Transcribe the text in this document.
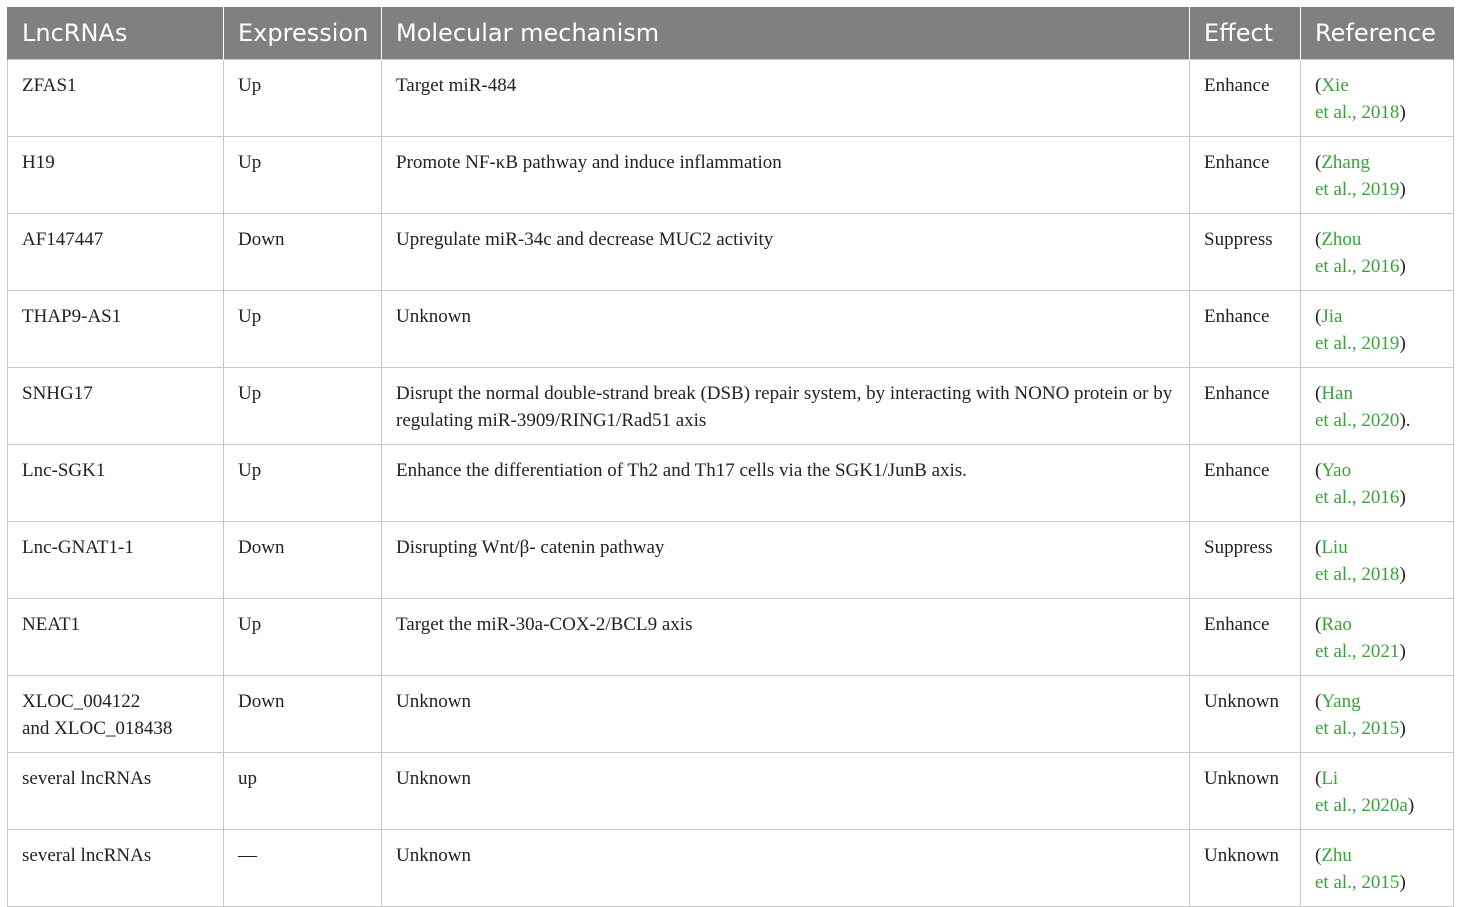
LncRNAs	Expression	Molecular mechanism	Effect	Reference

ZFAS1	Up	Target miR-484	Enhance	(Xie
et al., 2018)

H19	Up	Promote NF-κB pathway and induce inflammation	Enhance	(Zhang
et al., 2019)

AF147447	Down	Upregulate miR-34c and decrease MUC2 activity	Suppress	(Zhou
et al., 2016)

THAP9-AS1	Up	Unknown	Enhance	(Jia
et al., 2019)

SNHG17	Up	Disrupt the normal double-strand break (DSB) repair system, by interacting with NONO protein or by regulating miR-3909/RING1/Rad51 axis	Enhance	(Han
et al., 2020).

Lnc-SGK1	Up	Enhance the differentiation of Th2 and Th17 cells via the SGK1/JunB axis.	Enhance	(Yao
et al., 2016)

Lnc-GNAT1-1	Down	Disrupting Wnt/β- catenin pathway	Suppress	(Liu
et al., 2018)

NEAT1	Up	Target the miR-30a-COX-2/BCL9 axis	Enhance	(Rao
et al., 2021)

XLOC_004122
and XLOC_018438	Down	Unknown	Unknown	(Yang
et al., 2015)

several lncRNAs	up	Unknown	Unknown	(Li
et al., 2020a)

several lncRNAs	—	Unknown	Unknown	(Zhu
et al., 2015)
